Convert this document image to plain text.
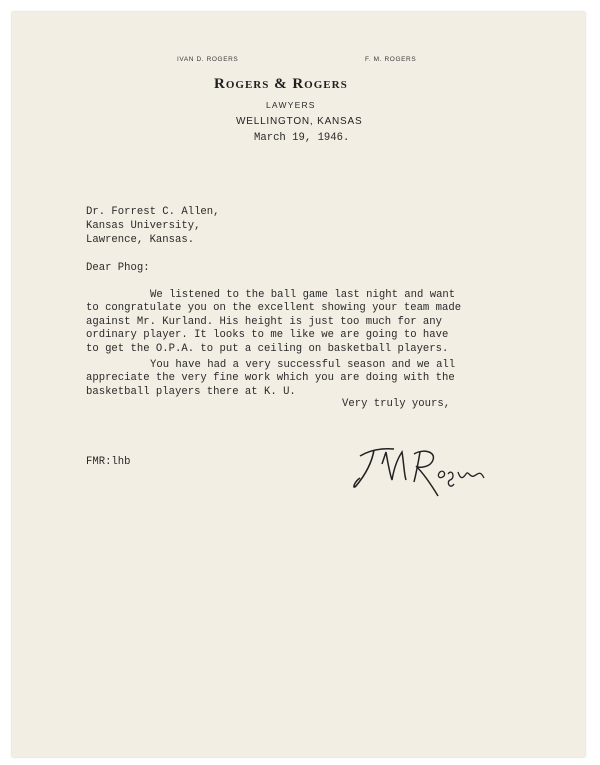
IVAN D. ROGERS	F. M. ROGERS
Rogers & Rogers
LAWYERS
WELLINGTON, KANSAS
March 19, 1946.
Dr. Forrest C. Allen,
Kansas University,
Lawrence, Kansas.
Dear Phog:
We listened to the ball game last night and want
to congratulate you on the excellent showing your team made
against Mr. Kurland. His height is just too much for any
ordinary player. It looks to me like we are going to have
to get the O.P.A. to put a ceiling on basketball players.
You have had a very successful season and we all
appreciate the very fine work which you are doing with the
basketball players there at K. U.
Very truly yours,
FMR:lhb
